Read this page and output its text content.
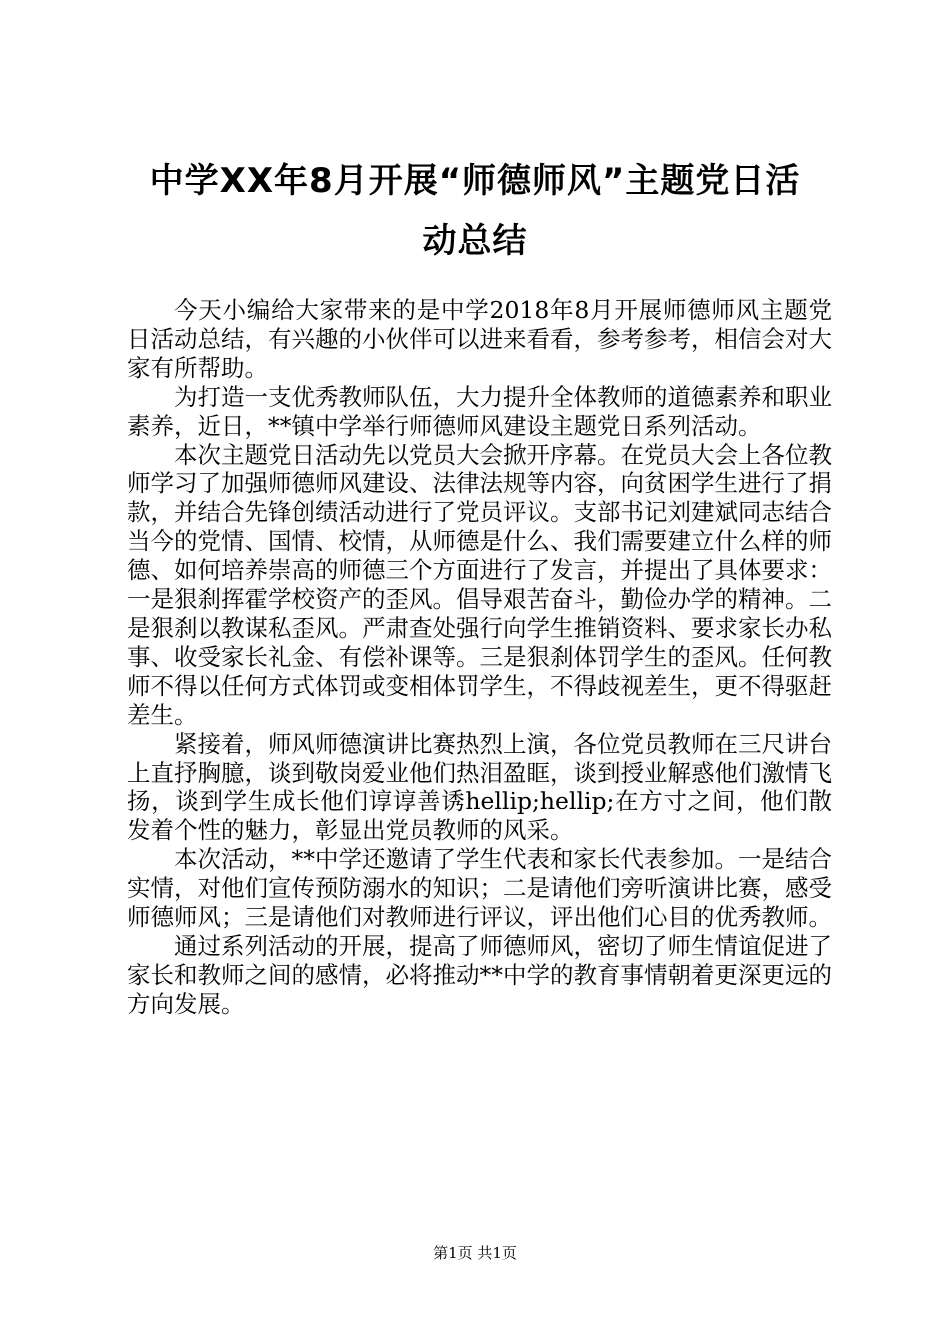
中学XX年8月开展“师德师风”主题党日活
动总结

今天小编给大家带来的是中学2018年8月开展师德师风主题党日活动总结，有兴趣的小伙伴可以进来看看，参考参考，相信会对大家有所帮助。

为打造一支优秀教师队伍，大力提升全体教师的道德素养和职业素养，近日，**镇中学举行师德师风建设主题党日系列活动。

本次主题党日活动先以党员大会掀开序幕。在党员大会上各位教师学习了加强师德师风建设、法律法规等内容，向贫困学生进行了捐款，并结合先锋创绩活动进行了党员评议。支部书记刘建斌同志结合当今的党情、国情、校情，从师德是什么、我们需要建立什么样的师德、如何培养崇高的师德三个方面进行了发言，并提出了具体要求：一是狠刹挥霍学校资产的歪风。倡导艰苦奋斗，勤俭办学的精神。二是狠刹以教谋私歪风。严肃查处强行向学生推销资料、要求家长办私事、收受家长礼金、有偿补课等。三是狠刹体罚学生的歪风。任何教师不得以任何方式体罚或变相体罚学生，不得歧视差生，更不得驱赶差生。

紧接着，师风师德演讲比赛热烈上演，各位党员教师在三尺讲台上直抒胸臆，谈到敬岗爱业他们热泪盈眶，谈到授业解惑他们激情飞扬，谈到学生成长他们谆谆善诱hellip;hellip;在方寸之间，他们散发着个性的魅力，彰显出党员教师的风采。

本次活动，**中学还邀请了学生代表和家长代表参加。一是结合实情，对他们宣传预防溺水的知识；二是请他们旁听演讲比赛，感受师德师风；三是请他们对教师进行评议，评出他们心目的优秀教师。

通过系列活动的开展，提高了师德师风，密切了师生情谊促进了家长和教师之间的感情，必将推动**中学的教育事情朝着更深更远的方向发展。

第1页 共1页
